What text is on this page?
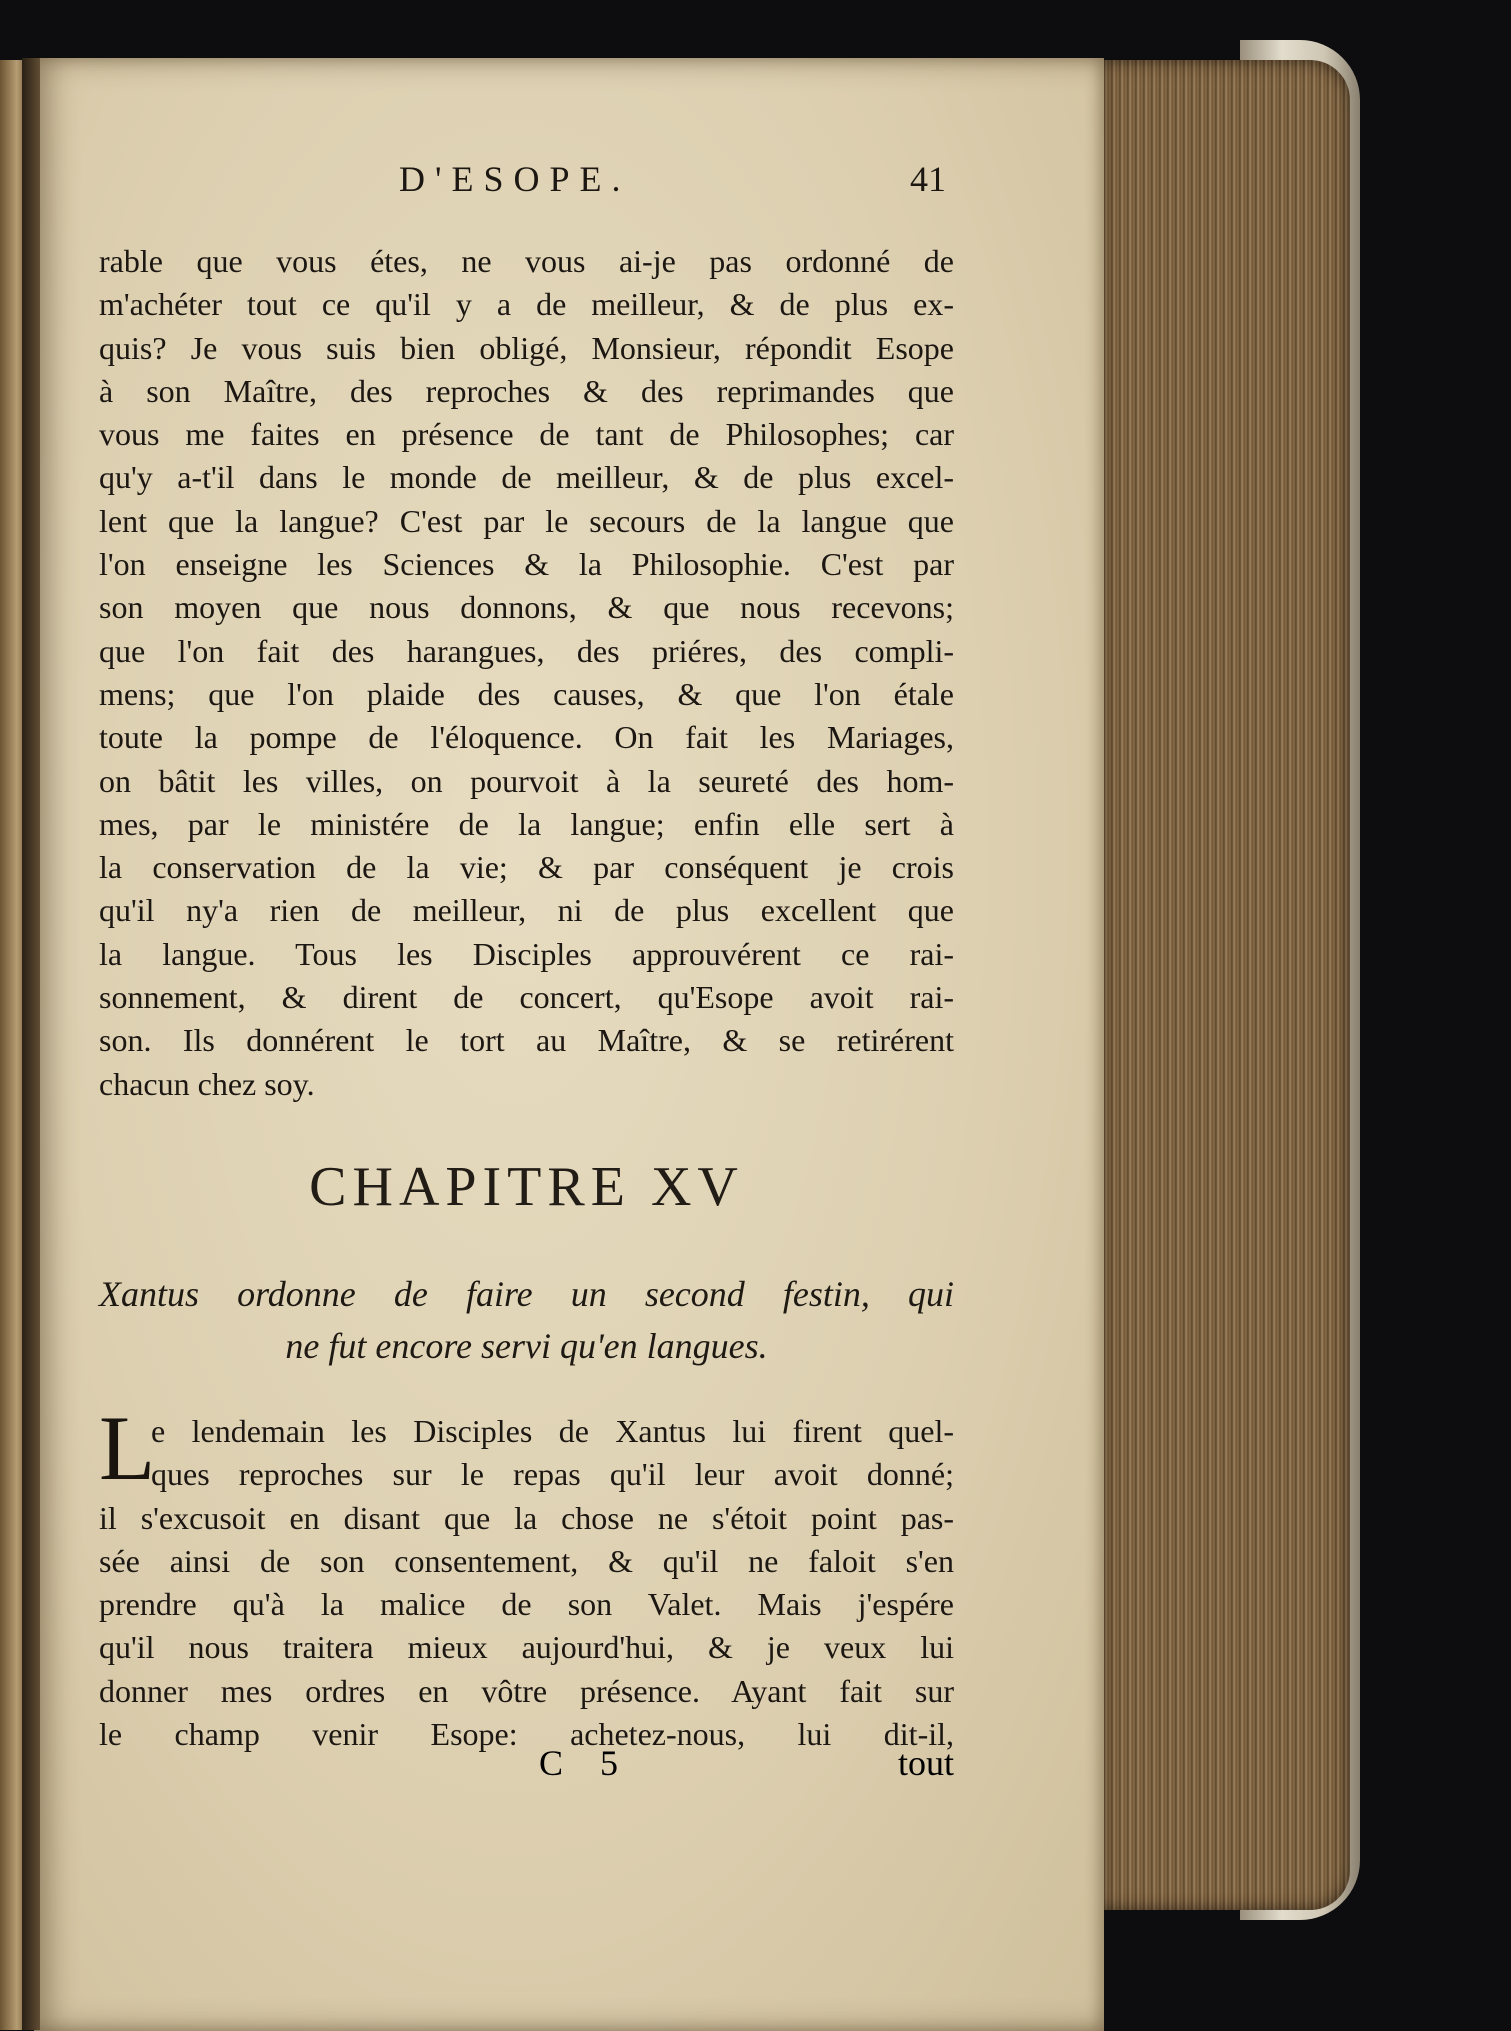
D'ESOPE.	41
rable que vous étes, ne vous ai-je pas ordonné de
m'achéter tout ce qu'il y a de meilleur, & de plus ex-
quis? Je vous suis bien obligé, Monsieur, répondit Esope
à son Maître, des reproches & des reprimandes que
vous me faites en présence de tant de Philosophes; car
qu'y a-t'il dans le monde de meilleur, & de plus excel-
lent que la langue? C'est par le secours de la langue que
l'on enseigne les Sciences & la Philosophie. C'est par
son moyen que nous donnons, & que nous recevons;
que l'on fait des harangues, des priéres, des compli-
mens; que l'on plaide des causes, & que l'on étale
toute la pompe de l'éloquence. On fait les Mariages,
on bâtit les villes, on pourvoit à la seureté des hom-
mes, par le ministére de la langue; enfin elle sert à
la conservation de la vie; & par conséquent je crois
qu'il ny'a rien de meilleur, ni de plus excellent que
la langue. Tous les Disciples approuvérent ce rai-
sonnement, & dirent de concert, qu'Esope avoit rai-
son. Ils donnérent le tort au Maître, & se retirérent
chacun chez soy.
CHAPITRE XV
Xantus ordonne de faire un second festin, qui
ne fut encore servi qu'en langues.
L
e lendemain les Disciples de Xantus lui firent quel-
ques reproches sur le repas qu'il leur avoit donné;
il s'excusoit en disant que la chose ne s'étoit point pas-
sée ainsi de son consentement, & qu'il ne faloit s'en
prendre qu'à la malice de son Valet. Mais j'espére
qu'il nous traitera mieux aujourd'hui, & je veux lui
donner mes ordres en vôtre présence. Ayant fait sur
le champ venir Esope: achetez-nous, lui dit-il,
C 5	tout
